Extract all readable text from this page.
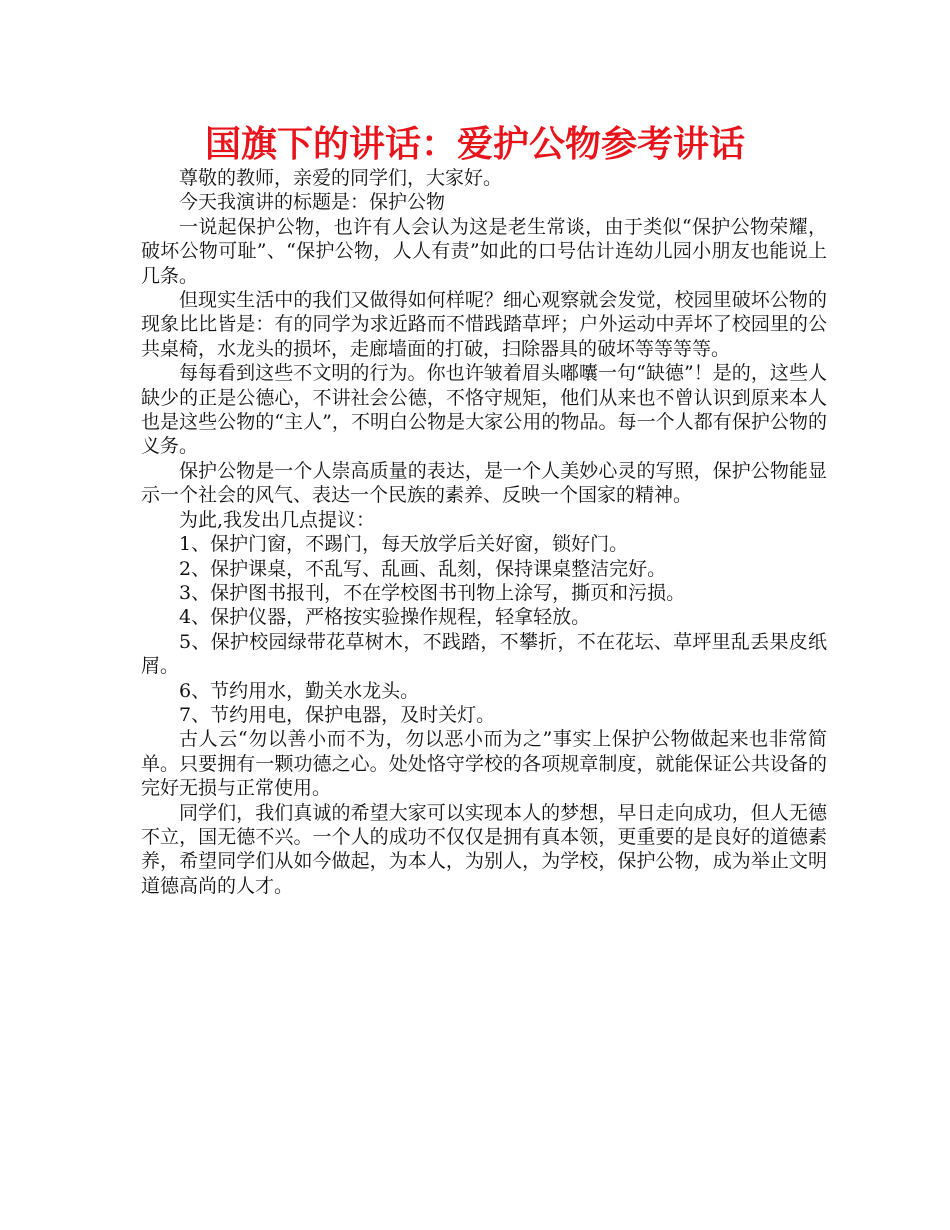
国旗下的讲话：爱护公物参考讲话

尊敬的教师，亲爱的同学们，大家好。

今天我演讲的标题是：保护公物

一说起保护公物，也许有人会认为这是老生常谈，由于类似“保护公物荣耀，破坏公物可耻”、“保护公物，人人有责”如此的口号估计连幼儿园小朋友也能说上几条。

但现实生活中的我们又做得如何样呢？细心观察就会发觉，校园里破坏公物的现象比比皆是：有的同学为求近路而不惜践踏草坪；户外运动中弄坏了校园里的公共桌椅，水龙头的损坏，走廊墙面的打破，扫除器具的破坏等等等等。

每每看到这些不文明的行为。你也许皱着眉头嘟囔一句“缺德”！是的，这些人缺少的正是公德心，不讲社会公德，不恪守规矩，他们从来也不曾认识到原来本人也是这些公物的“主人”，不明白公物是大家公用的物品。每一个人都有保护公物的义务。

保护公物是一个人崇高质量的表达，是一个人美妙心灵的写照，保护公物能显示一个社会的风气、表达一个民族的素养、反映一个国家的精神。

为此,我发出几点提议：

1、保护门窗，不踢门，每天放学后关好窗，锁好门。

2、保护课桌，不乱写、乱画、乱刻，保持课桌整洁完好。

3、保护图书报刊，不在学校图书刊物上涂写，撕页和污损。

4、保护仪器，严格按实验操作规程，轻拿轻放。

5、保护校园绿带花草树木，不践踏，不攀折，不在花坛、草坪里乱丢果皮纸屑。

6、节约用水，勤关水龙头。

7、节约用电，保护电器，及时关灯。

古人云“勿以善小而不为，勿以恶小而为之”事实上保护公物做起来也非常简单。只要拥有一颗功德之心。处处恪守学校的各项规章制度，就能保证公共设备的完好无损与正常使用。

同学们，我们真诚的希望大家可以实现本人的梦想，早日走向成功，但人无德不立，国无德不兴。一个人的成功不仅仅是拥有真本领，更重要的是良好的道德素养，希望同学们从如今做起，为本人，为别人，为学校，保护公物，成为举止文明道德高尚的人才。
